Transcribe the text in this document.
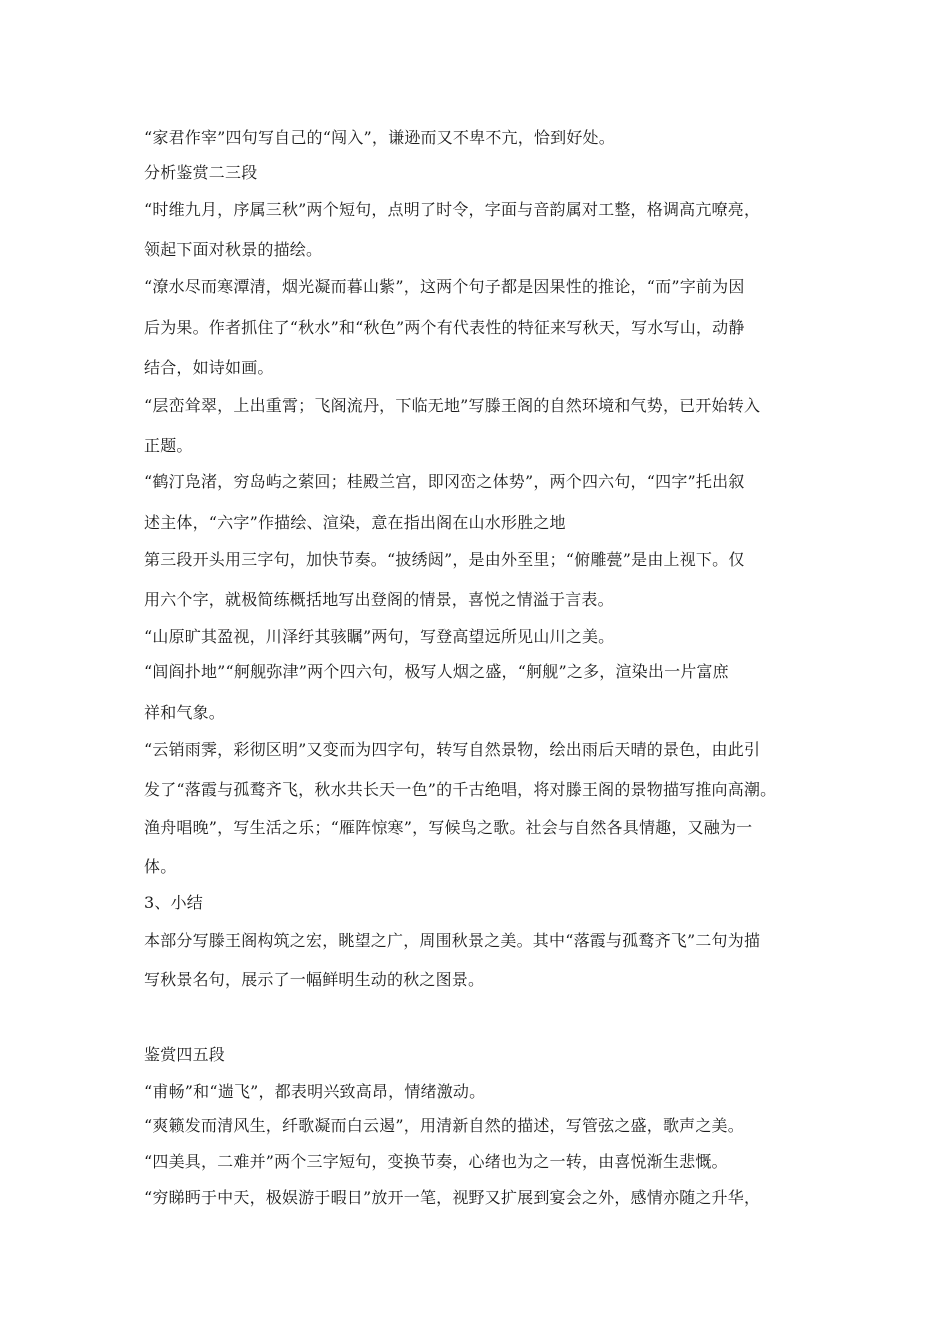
“家君作宰”四句写自己的“闯入”，谦逊而又不卑不亢，恰到好处。
分析鉴赏二三段
“时维九月，序属三秋”两个短句，点明了时令，字面与音韵属对工整，格调高亢嘹亮，
领起下面对秋景的描绘。
“潦水尽而寒潭清，烟光凝而暮山紫”，这两个句子都是因果性的推论，“而”字前为因
后为果。作者抓住了“秋水”和“秋色”两个有代表性的特征来写秋天，写水写山，动静
结合，如诗如画。
“层峦耸翠，上出重霄；飞阁流丹，下临无地”写滕王阁的自然环境和气势，已开始转入
正题。
“鹤汀凫渚，穷岛屿之萦回；桂殿兰宫，即冈峦之体势”，两个四六句，“四字”托出叙
述主体，“六字”作描绘、渲染，意在指出阁在山水形胜之地
第三段开头用三字句，加快节奏。“披绣闼”，是由外至里；“俯雕甍”是由上视下。仅
用六个字，就极简练概括地写出登阁的情景，喜悦之情溢于言表。
“山原旷其盈视，川泽纡其骇瞩”两句，写登高望远所见山川之美。
“闾阎扑地”“舸舰弥津”两个四六句，极写人烟之盛，“舸舰”之多，渲染出一片富庶
祥和气象。
“云销雨霁，彩彻区明”又变而为四字句，转写自然景物，绘出雨后天晴的景色，由此引
发了“落霞与孤鹜齐飞，秋水共长天一色”的千古绝唱，将对滕王阁的景物描写推向高潮。
渔舟唱晚”，写生活之乐；“雁阵惊寒”，写候鸟之歌。社会与自然各具情趣，又融为一
体。
3、小结
本部分写滕王阁构筑之宏，眺望之广，周围秋景之美。其中“落霞与孤鹜齐飞”二句为描
写秋景名句，展示了一幅鲜明生动的秋之图景。
鉴赏四五段
“甫畅”和“遄飞”，都表明兴致高昂，情绪激动。
“爽籁发而清风生，纤歌凝而白云遏”，用清新自然的描述，写管弦之盛，歌声之美。
“四美具，二难并”两个三字短句，变换节奏，心绪也为之一转，由喜悦渐生悲慨。
“穷睇眄于中天，极娱游于暇日”放开一笔，视野又扩展到宴会之外，感情亦随之升华，
